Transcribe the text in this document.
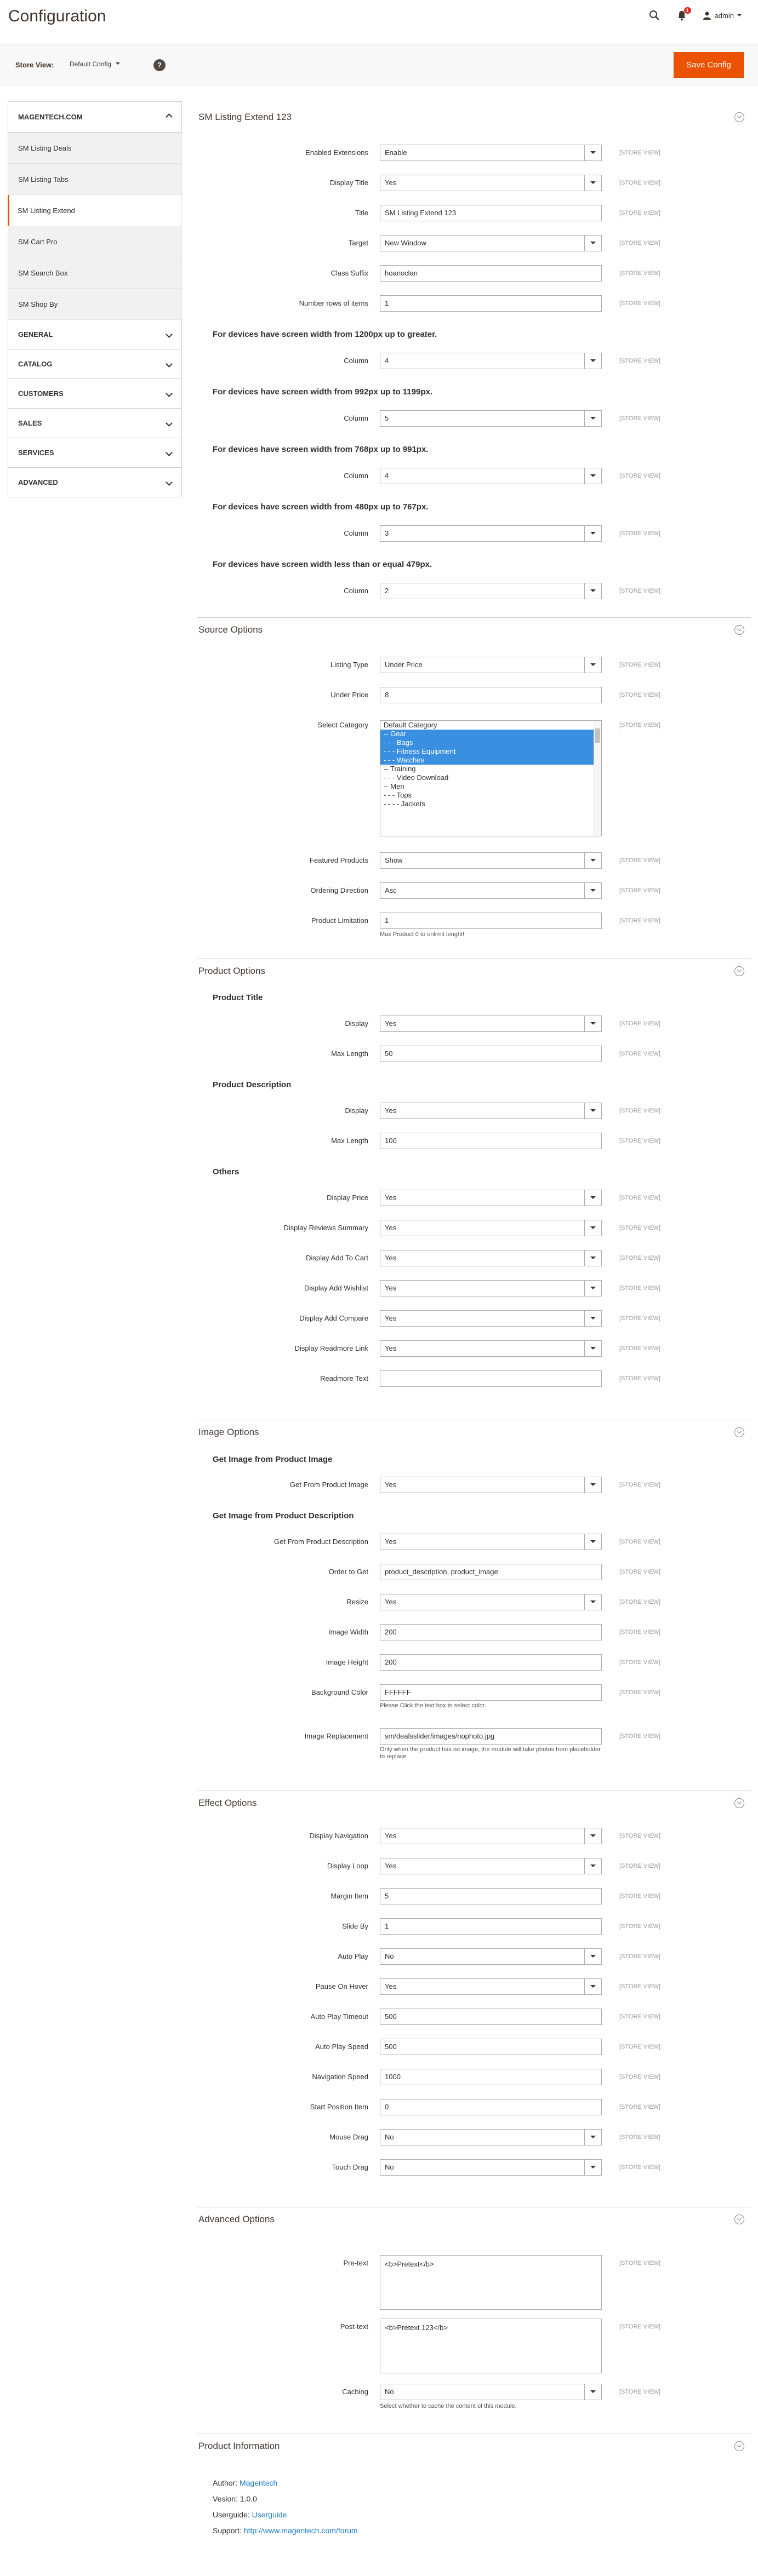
Configuration	1
admin
Store View: Default Config	?	Save Config
MAGENTECH.COM
SM Listing Deals
SM Listing Tabs
SM Listing Extend
SM Cart Pro
SM Search Box
SM Shop By
GENERAL
CATALOG
CUSTOMERS
SALES
SERVICES
ADVANCED
SM Listing Extend 123
Enabled Extensions	Enable	[STORE VIEW]
Display Title	Yes	[STORE VIEW]
Title	SM Listing Extend 123	[STORE VIEW]
Target	New Window	[STORE VIEW]
Class Suffix	hoanoclan	[STORE VIEW]
Number rows of items	1	[STORE VIEW]
For devices have screen width from 1200px up to greater.
Column	4	[STORE VIEW]
For devices have screen width from 992px up to 1199px.
Column	5	[STORE VIEW]
For devices have screen width from 768px up to 991px.
Column	4	[STORE VIEW]
For devices have screen width from 480px up to 767px.
Column	3	[STORE VIEW]
For devices have screen width less than or equal 479px.
Column	2	[STORE VIEW]
Source Options
Listing Type	Under Price	[STORE VIEW]
Under Price	8	[STORE VIEW]
Select Category	[STORE VIEW]
Default Category
-- Gear
- - - Bags
- - - Fitness Equipment
- - - Watches
-- Training
- - - Video Download
-- Men
- - - Tops
- - - - Jackets
Featured Products	Show	[STORE VIEW]
Ordering Direction	Asc	[STORE VIEW]
Product Limitation	1	[STORE VIEW]
Max Product 0 to unlimit lenght!
Product Options
Product Title
Display	Yes	[STORE VIEW]
Max Length	50	[STORE VIEW]
Product Description
Display	Yes	[STORE VIEW]
Max Length	100	[STORE VIEW]
Others
Display Price	Yes	[STORE VIEW]
Display Reviews Summary	Yes	[STORE VIEW]
Display Add To Cart	Yes	[STORE VIEW]
Display Add Wishlist	Yes	[STORE VIEW]
Display Add Compare	Yes	[STORE VIEW]
Display Readmore Link	Yes	[STORE VIEW]
Readmore Text	[STORE VIEW]
Image Options
Get Image from Product Image
Get From Product Image	Yes	[STORE VIEW]
Get Image from Product Description
Get From Product Description	Yes	[STORE VIEW]
Order to Get	product_description, product_image	[STORE VIEW]
Resize	Yes	[STORE VIEW]
Image Width	200	[STORE VIEW]
Image Height	200	[STORE VIEW]
Background Color	FFFFFF	[STORE VIEW]
Please Click the text box to select color.
Image Replacement	sm/dealsslider/images/nophoto.jpg	[STORE VIEW]
Only when the product has no image, the module will take photos from placeholder to replace
Effect Options
Display Navigation	Yes	[STORE VIEW]
Display Loop	Yes	[STORE VIEW]
Margin Item	5	[STORE VIEW]
Slide By	1	[STORE VIEW]
Auto Play	No	[STORE VIEW]
Pause On Hover	Yes	[STORE VIEW]
Auto Play Timeout	500	[STORE VIEW]
Auto Play Speed	500	[STORE VIEW]
Navigation Speed	1000	[STORE VIEW]
Start Position Item	0	[STORE VIEW]
Mouse Drag	No	[STORE VIEW]
Touch Drag	No	[STORE VIEW]
Advanced Options
Pre-text	[STORE VIEW]
<b>Pretext</b>
Post-text	[STORE VIEW]
<b>Pretext 123</b>
Caching	No	[STORE VIEW]
Select whether to cache the content of this module.
Product Information
Author: Magentech
Vesion: 1.0.0
Userguide: Userguide
Support: http://www.magentech.com/forum
